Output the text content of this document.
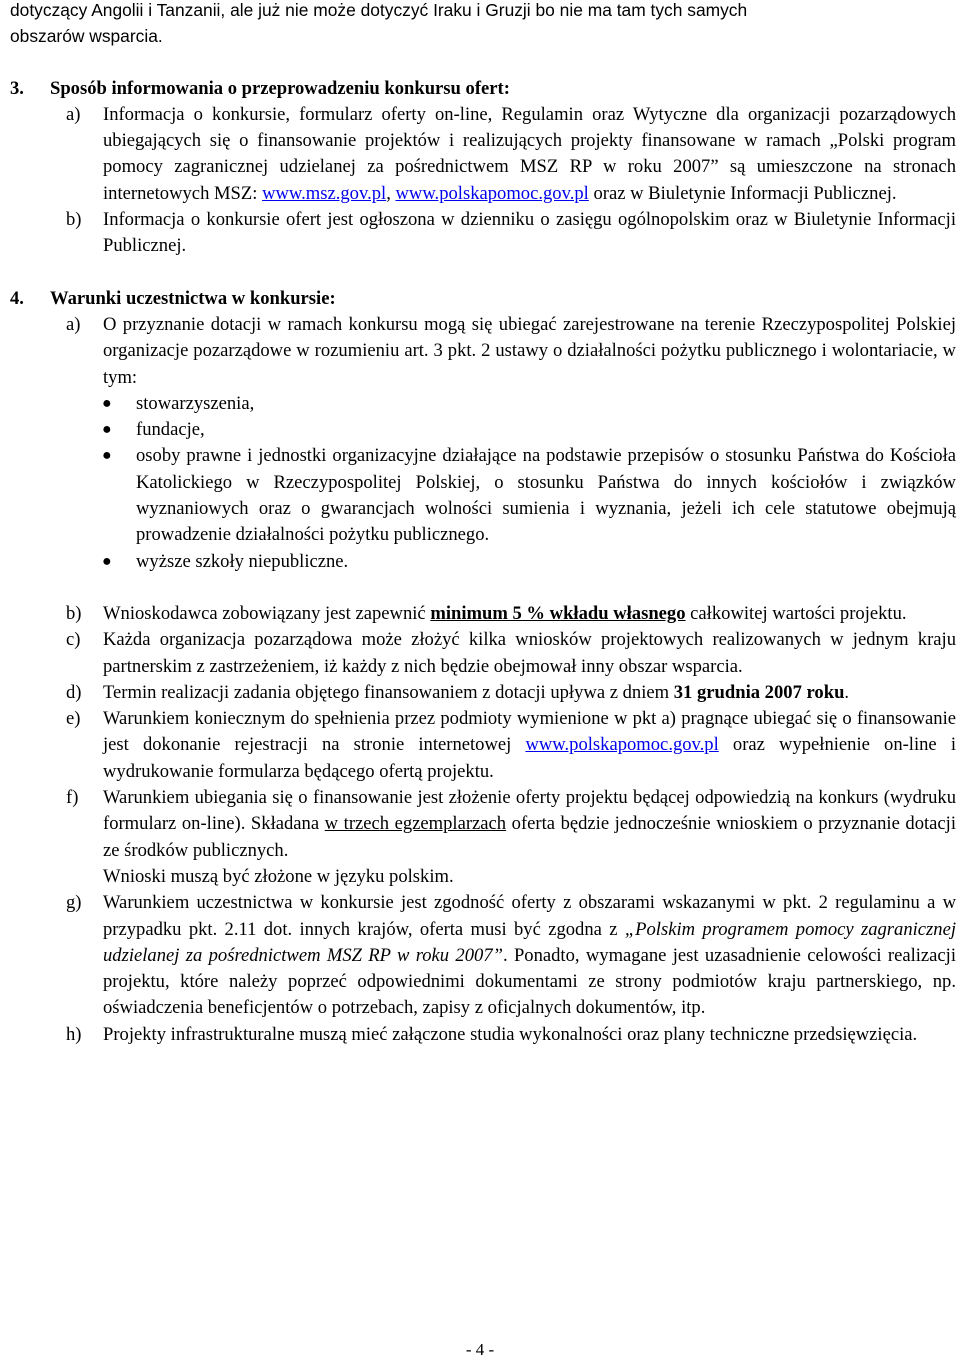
dotyczący Angolii i Tanzanii, ale już nie może dotyczyć Iraku i Gruzji bo nie ma tam tych samych
obszarów wsparcia.

3. Sposób informowania o przeprowadzeniu konkursu ofert:
a) Informacja o konkursie, formularz oferty on-line, Regulamin oraz Wytyczne dla organizacji pozarządowych ubiegających się o finansowanie projektów i realizujących projekty finansowane w ramach „Polski program pomocy zagranicznej udzielanej za pośrednictwem MSZ RP w roku 2007” są umieszczone na stronach internetowych MSZ: www.msz.gov.pl, www.polskapomoc.gov.pl oraz w Biuletynie Informacji Publicznej.
b) Informacja o konkursie ofert jest ogłoszona w dzienniku o zasięgu ogólnopolskim oraz w Biuletynie Informacji Publicznej.
4. Warunki uczestnictwa w konkursie:
a) O przyznanie dotacji w ramach konkursu mogą się ubiegać zarejestrowane na terenie Rzeczypospolitej Polskiej organizacje pozarządowe w rozumieniu art. 3 pkt. 2 ustawy o działalności pożytku publicznego i wolontariacie, w tym:
● stowarzyszenia,
● fundacje,
● osoby prawne i jednostki organizacyjne działające na podstawie przepisów o stosunku Państwa do Kościoła Katolickiego w Rzeczypospolitej Polskiej, o stosunku Państwa do innych kościołów i związków wyznaniowych oraz o gwarancjach wolności sumienia i wyznania, jeżeli ich cele statutowe obejmują prowadzenie działalności pożytku publicznego.
● wyższe szkoły niepubliczne.
b) Wnioskodawca zobowiązany jest zapewnić minimum 5 % wkładu własnego całkowitej wartości projektu.
c) Każda organizacja pozarządowa może złożyć kilka wniosków projektowych realizowanych w jednym kraju partnerskim z zastrzeżeniem, iż każdy z nich będzie obejmował inny obszar wsparcia.
d) Termin realizacji zadania objętego finansowaniem z dotacji upływa z dniem 31 grudnia 2007 roku.
e) Warunkiem koniecznym do spełnienia przez podmioty wymienione w pkt a) pragnące ubiegać się o finansowanie jest dokonanie rejestracji na stronie internetowej www.polskapomoc.gov.pl oraz wypełnienie on-line i wydrukowanie formularza będącego ofertą projektu.
f) Warunkiem ubiegania się o finansowanie jest złożenie oferty projektu będącej odpowiedzią na konkurs (wydruku formularz on-line). Składana w trzech egzemplarzach oferta będzie jednocześnie wnioskiem o przyznanie dotacji ze środków publicznych.
Wnioski muszą być złożone w języku polskim.
g) Warunkiem uczestnictwa w konkursie jest zgodność oferty z obszarami wskazanymi w pkt. 2 regulaminu a w przypadku pkt. 2.11 dot. innych krajów, oferta musi być zgodna z „Polskim programem pomocy zagranicznej udzielanej za pośrednictwem MSZ RP w roku 2007”. Ponadto, wymagane jest uzasadnienie celowości realizacji projektu, które należy poprzeć odpowiednimi dokumentami ze strony podmiotów kraju partnerskiego, np. oświadczenia beneficjentów o potrzebach, zapisy z oficjalnych dokumentów, itp.
h) Projekty infrastrukturalne muszą mieć załączone studia wykonalności oraz plany techniczne przedsięwzięcia.
- 4 -
